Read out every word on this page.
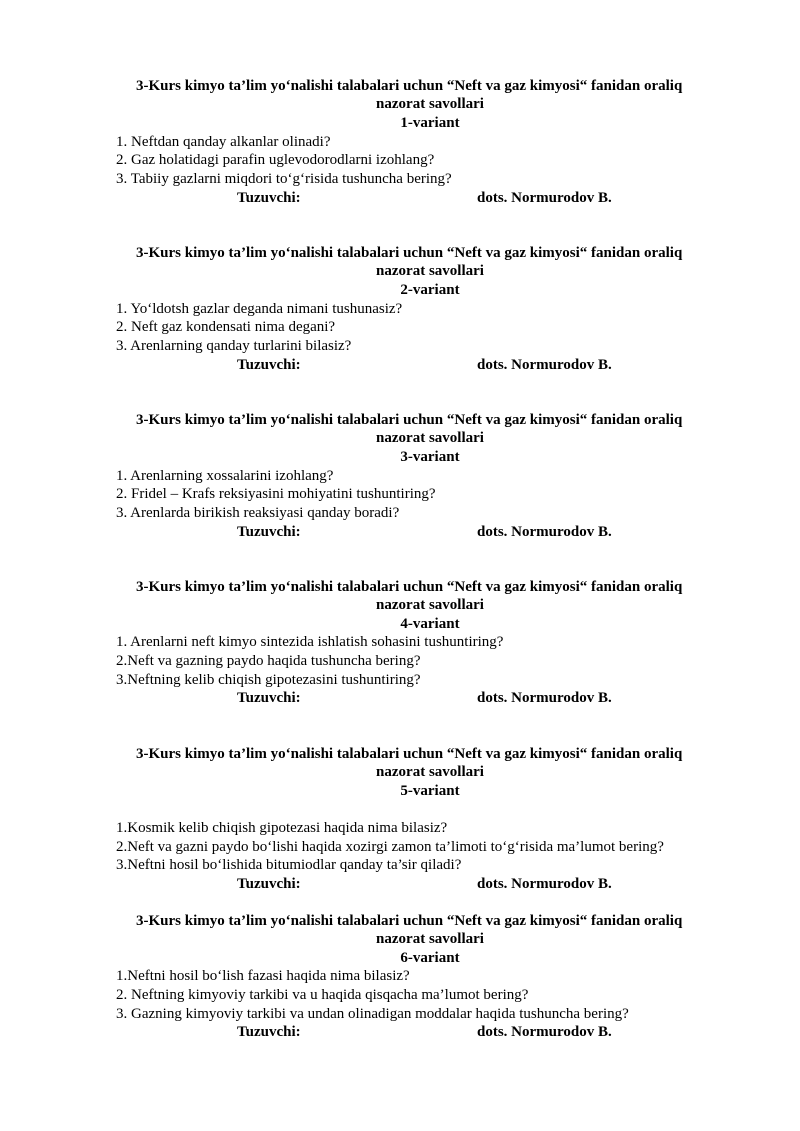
3-Kurs kimyo ta’lim yo‘nalishi talabalari uchun “Neft va gaz kimyosi“ fanidan oraliq
nazorat savollari
1-variant
1. Neftdan qanday alkanlar olinadi?
2. Gaz holatidagi parafin uglevodorodlarni izohlang?
3. Tabiiy gazlarni miqdori to‘g‘risida tushuncha bering?
Tuzuvchi:	dots. Normurodov B.
3-Kurs kimyo ta’lim yo‘nalishi talabalari uchun “Neft va gaz kimyosi“ fanidan oraliq
nazorat savollari
2-variant
1. Yo‘ldotsh gazlar deganda nimani tushunasiz?
2. Neft gaz kondensati nima degani?
3. Arenlarning qanday turlarini bilasiz?
Tuzuvchi:	dots. Normurodov B.
3-Kurs kimyo ta’lim yo‘nalishi talabalari uchun “Neft va gaz kimyosi“ fanidan oraliq
nazorat savollari
3-variant
1. Arenlarning xossalarini izohlang?
2. Fridel – Krafs reksiyasini mohiyatini tushuntiring?
3. Arenlarda birikish reaksiyasi qanday boradi?
Tuzuvchi:	dots. Normurodov B.
3-Kurs kimyo ta’lim yo‘nalishi talabalari uchun “Neft va gaz kimyosi“ fanidan oraliq
nazorat savollari
4-variant
1. Arenlarni neft kimyo sintezida ishlatish sohasini tushuntiring?
2.Neft va gazning paydo haqida tushuncha bering?
3.Neftning kelib chiqish gipotezasini tushuntiring?
Tuzuvchi:	dots. Normurodov B.
3-Kurs kimyo ta’lim yo‘nalishi talabalari uchun “Neft va gaz kimyosi“ fanidan oraliq
nazorat savollari
5-variant
1.Kosmik kelib chiqish gipotezasi haqida nima bilasiz?
2.Neft va gazni paydo bo‘lishi haqida xozirgi zamon ta’limoti to‘g‘risida ma’lumot bering?
3.Neftni hosil bo‘lishida bitumiodlar qanday ta’sir qiladi?
Tuzuvchi:	dots. Normurodov B.
3-Kurs kimyo ta’lim yo‘nalishi talabalari uchun “Neft va gaz kimyosi“ fanidan oraliq
nazorat savollari
6-variant
1.Neftni hosil bo‘lish fazasi haqida nima bilasiz?
2. Neftning kimyoviy tarkibi va u haqida qisqacha ma’lumot bering?
3. Gazning kimyoviy tarkibi va undan olinadigan moddalar haqida tushuncha bering?
Tuzuvchi:	dots. Normurodov B.
